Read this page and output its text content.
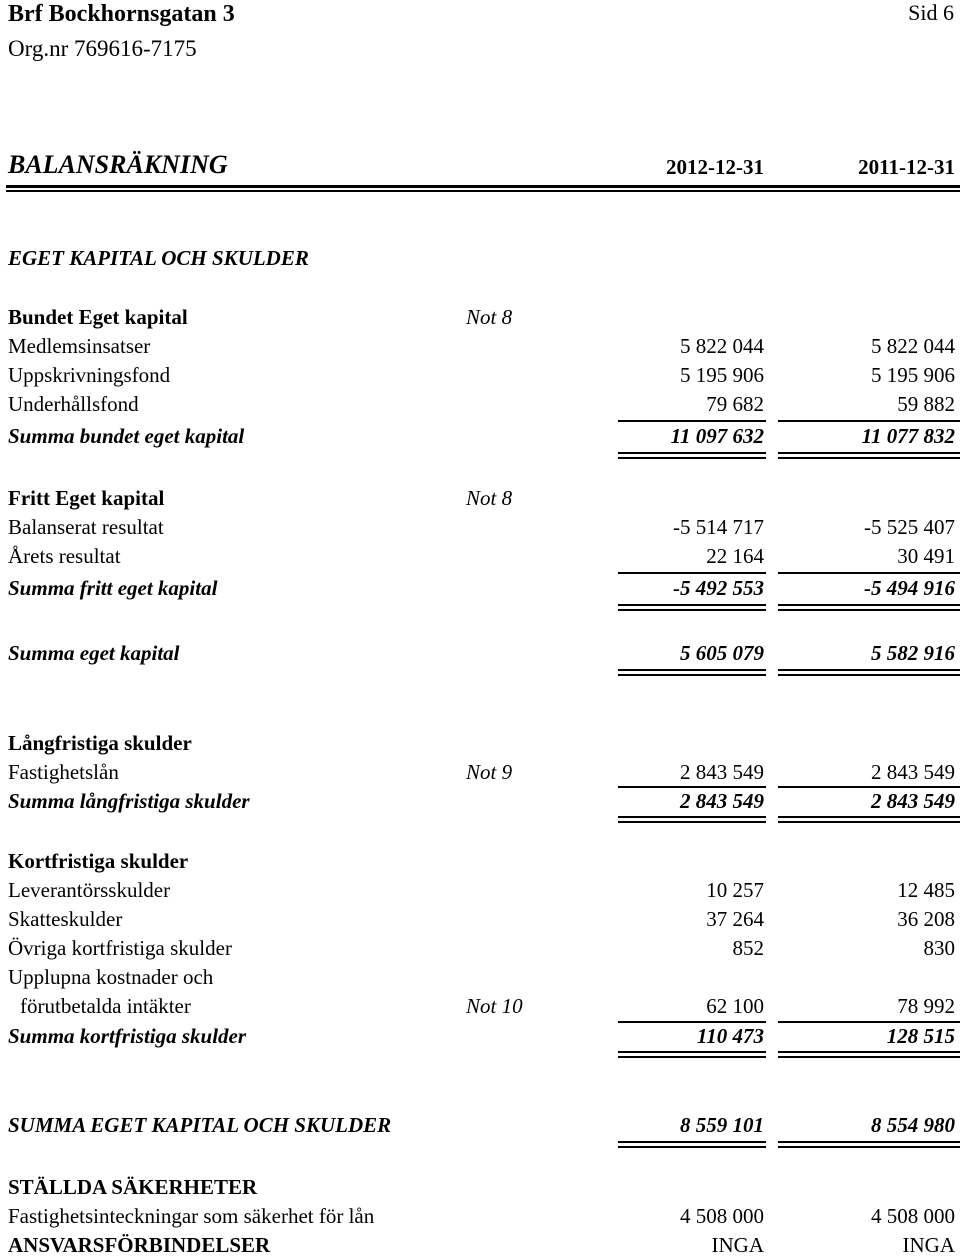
Brf Bockhornsgatan 3
Org.nr 769616-7175
Sid 6
BALANSRÄKNING	2012-12-31	2011-12-31
EGET KAPITAL OCH SKULDER
Bundet Eget kapital	Not 8
Medlemsinsatser	5 822 044	5 822 044
Uppskrivningsfond	5 195 906	5 195 906
Underhållsfond	79 682	59 882
Summa bundet eget kapital	11 097 632	11 077 832
Fritt Eget kapital	Not 8
Balanserat resultat	-5 514 717	-5 525 407
Årets resultat	22 164	30 491
Summa fritt eget kapital	-5 492 553	-5 494 916
Summa eget kapital	5 605 079	5 582 916
Långfristiga skulder
Fastighetslån	Not 9	2 843 549	2 843 549
Summa långfristiga skulder	2 843 549	2 843 549
Kortfristiga skulder
Leverantörsskulder	10 257	12 485
Skatteskulder	37 264	36 208
Övriga kortfristiga skulder	852	830
Upplupna kostnader och
förutbetalda intäkter	Not 10	62 100	78 992
Summa kortfristiga skulder	110 473	128 515
SUMMA EGET KAPITAL OCH SKULDER	8 559 101	8 554 980
STÄLLDA SÄKERHETER
Fastighetsinteckningar som säkerhet för lån	4 508 000	4 508 000
ANSVARSFÖRBINDELSER	INGA	INGA
